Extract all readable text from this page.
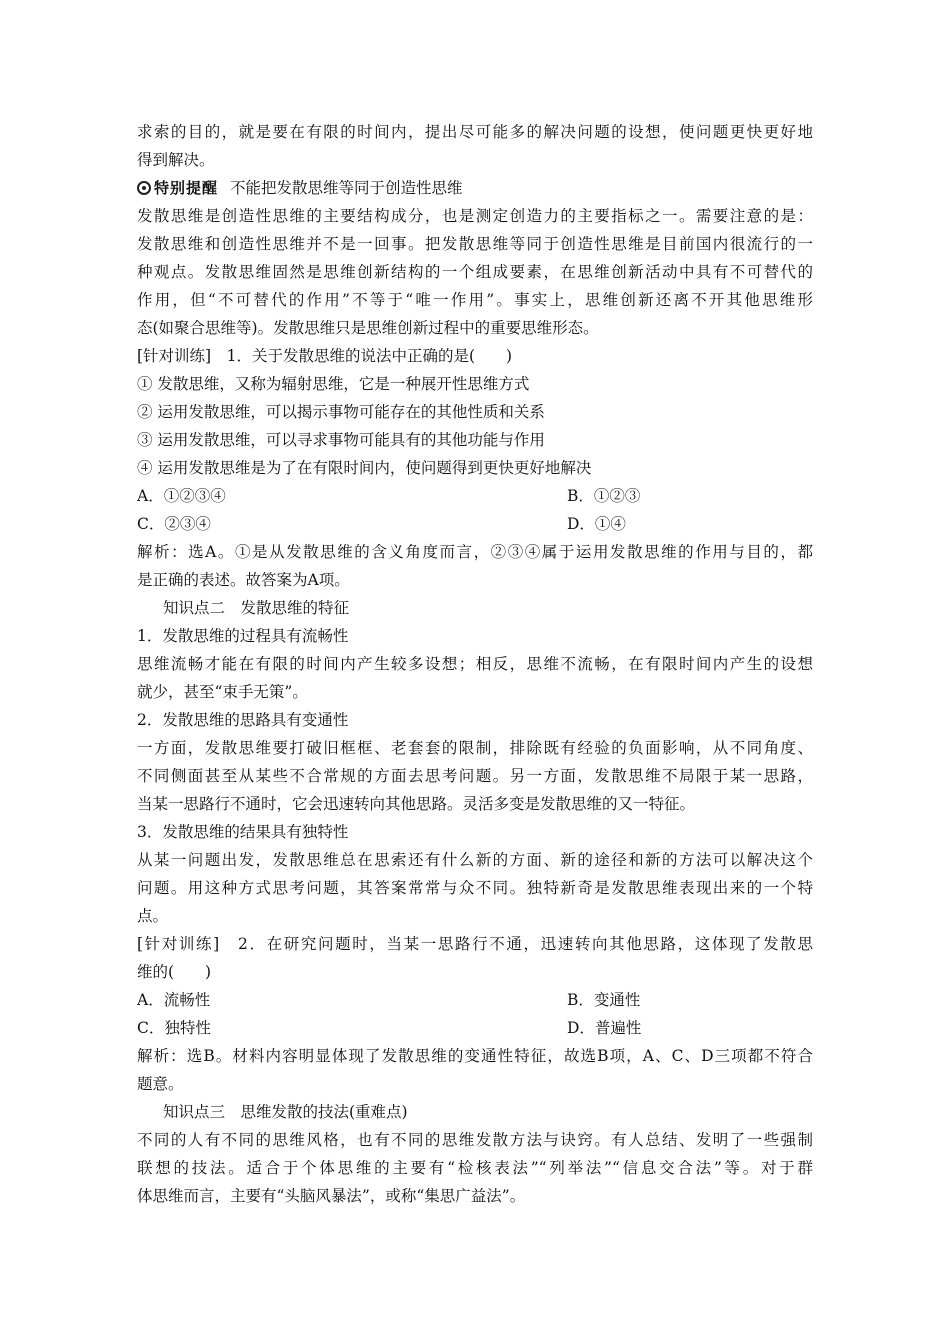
求索的目的，就是要在有限的时间内，提出尽可能多的解决问题的设想，使问题更快更好地
得到解决。
特别提醒 不能把发散思维等同于创造性思维
发散思维是创造性思维的主要结构成分，也是测定创造力的主要指标之一。需要注意的是：
发散思维和创造性思维并不是一回事。把发散思维等同于创造性思维是目前国内很流行的一
种观点。发散思维固然是思维创新结构的一个组成要素，在思维创新活动中具有不可替代的
作用，但“不可替代的作用”不等于“唯一作用”。事实上，思维创新还离不开其他思维形
态(如聚合思维等)。发散思维只是思维创新过程中的重要思维形态。
[针对训练]　1．关于发散思维的说法中正确的是(　　)
① 发散思维，又称为辐射思维，它是一种展开性思维方式
② 运用发散思维，可以揭示事物可能存在的其他性质和关系
③ 运用发散思维，可以寻求事物可能具有的其他功能与作用
④ 运用发散思维是为了在有限时间内，使问题得到更快更好地解决
A．①②③④	B．①②③
C．②③④	D．①④
解析：选A。①是从发散思维的含义角度而言，②③④属于运用发散思维的作用与目的，都
是正确的表述。故答案为A项。
知识点二　发散思维的特征
1．发散思维的过程具有流畅性
思维流畅才能在有限的时间内产生较多设想；相反，思维不流畅，在有限时间内产生的设想
就少，甚至“束手无策”。
2．发散思维的思路具有变通性
一方面，发散思维要打破旧框框、老套套的限制，排除既有经验的负面影响，从不同角度、
不同侧面甚至从某些不合常规的方面去思考问题。另一方面，发散思维不局限于某一思路，
当某一思路行不通时，它会迅速转向其他思路。灵活多变是发散思维的又一特征。
3．发散思维的结果具有独特性
从某一问题出发，发散思维总在思索还有什么新的方面、新的途径和新的方法可以解决这个
问题。用这种方式思考问题，其答案常常与众不同。独特新奇是发散思维表现出来的一个特
点。
[针对训练]　2．在研究问题时，当某一思路行不通，迅速转向其他思路，这体现了发散思
维的(　　)
A．流畅性	B．变通性
C．独特性	D．普遍性
解析：选B。材料内容明显体现了发散思维的变通性特征，故选B项，A、C、D三项都不符合
题意。
知识点三　思维发散的技法(重难点)
不同的人有不同的思维风格，也有不同的思维发散方法与诀窍。有人总结、发明了一些强制
联想的技法。适合于个体思维的主要有“检核表法”“列举法”“信息交合法”等。对于群
体思维而言，主要有“头脑风暴法”，或称“集思广益法”。
